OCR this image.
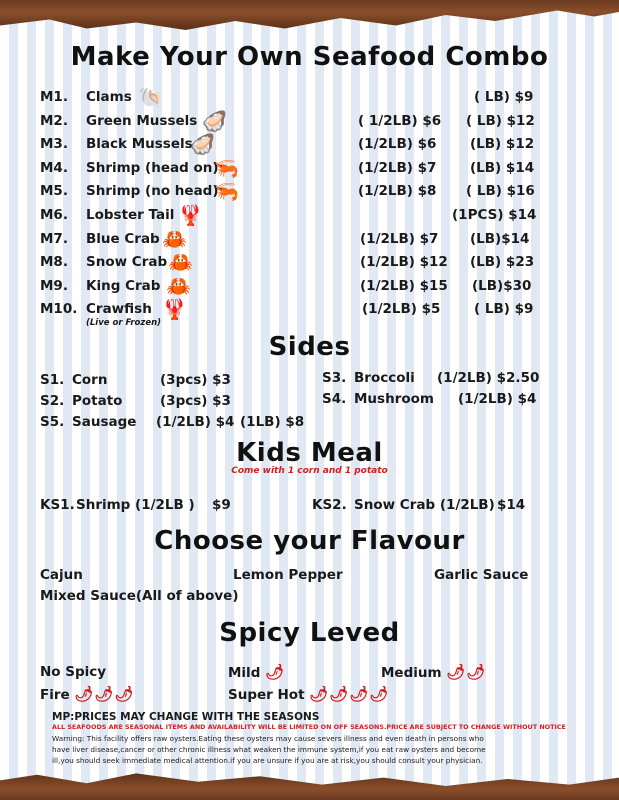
Make Your Own Seafood Combo
M1. Clams	( LB) $9
🐚
M2. Green Mussels	( 1/2LB) $6 ( LB) $12
🦪
M3. Black Mussels	(1/2LB) $6 (LB) $12
🦪
M4. Shrimp (head on)	(1/2LB) $7 (LB) $14
🦐
M5. Shrimp (no head)	(1/2LB) $8 ( LB) $16
🦐
M6. Lobster Tail	(1PCS) $14
🦞
M7. Blue Crab	(1/2LB) $7 (LB)$14
🦀
M8. Snow Crab	(1/2LB) $12 (LB) $23
🦀
M9. King Crab	(1/2LB) $15 (LB)$30
🦀
M10. Crawfish	(1/2LB) $5 ( LB) $9
🦞
(Live or Frozen)
Sides
S1. Corn	(3pcs) $3	S3. Broccoli (1/2LB) $2.50
S2. Potato	(3pcs) $3	S4. Mushroom (1/2LB) $4
S5. Sausage (1/2LB) $4 (1LB) $8
Kids Meal
Come with 1 corn and 1 potato
KS1. Shrimp (1/2LB ) $9	KS2. Snow Crab (1/2LB) $14
Choose your Flavour
Cajun	Lemon Pepper	Garlic Sauce
Mixed Sauce(All of above)
Spicy Leved
No Spicy	Mild 🌶	Medium 🌶🌶
Fire 🌶🌶🌶	Super Hot 🌶🌶🌶🌶
MP:PRICES MAY CHANGE WITH THE SEASONS
ALL SEAFOODS ARE SEASONAL ITEMS AND AVAILABILITY WILL BE LIMITED ON OFF SEASONS.PRICE ARE SUBJECT TO CHANGE WITHOUT NOTICE
Warning: This facility offers raw oysters.Eating these oysters may cause severs illness and even death in persons who
have liver disease,cancer or other chronic illness what weaken the immune system,if you eat raw oysters and become
ill,you should seek immediate medical attention.if you are unsure if you are at risk,you should consult your physician.
